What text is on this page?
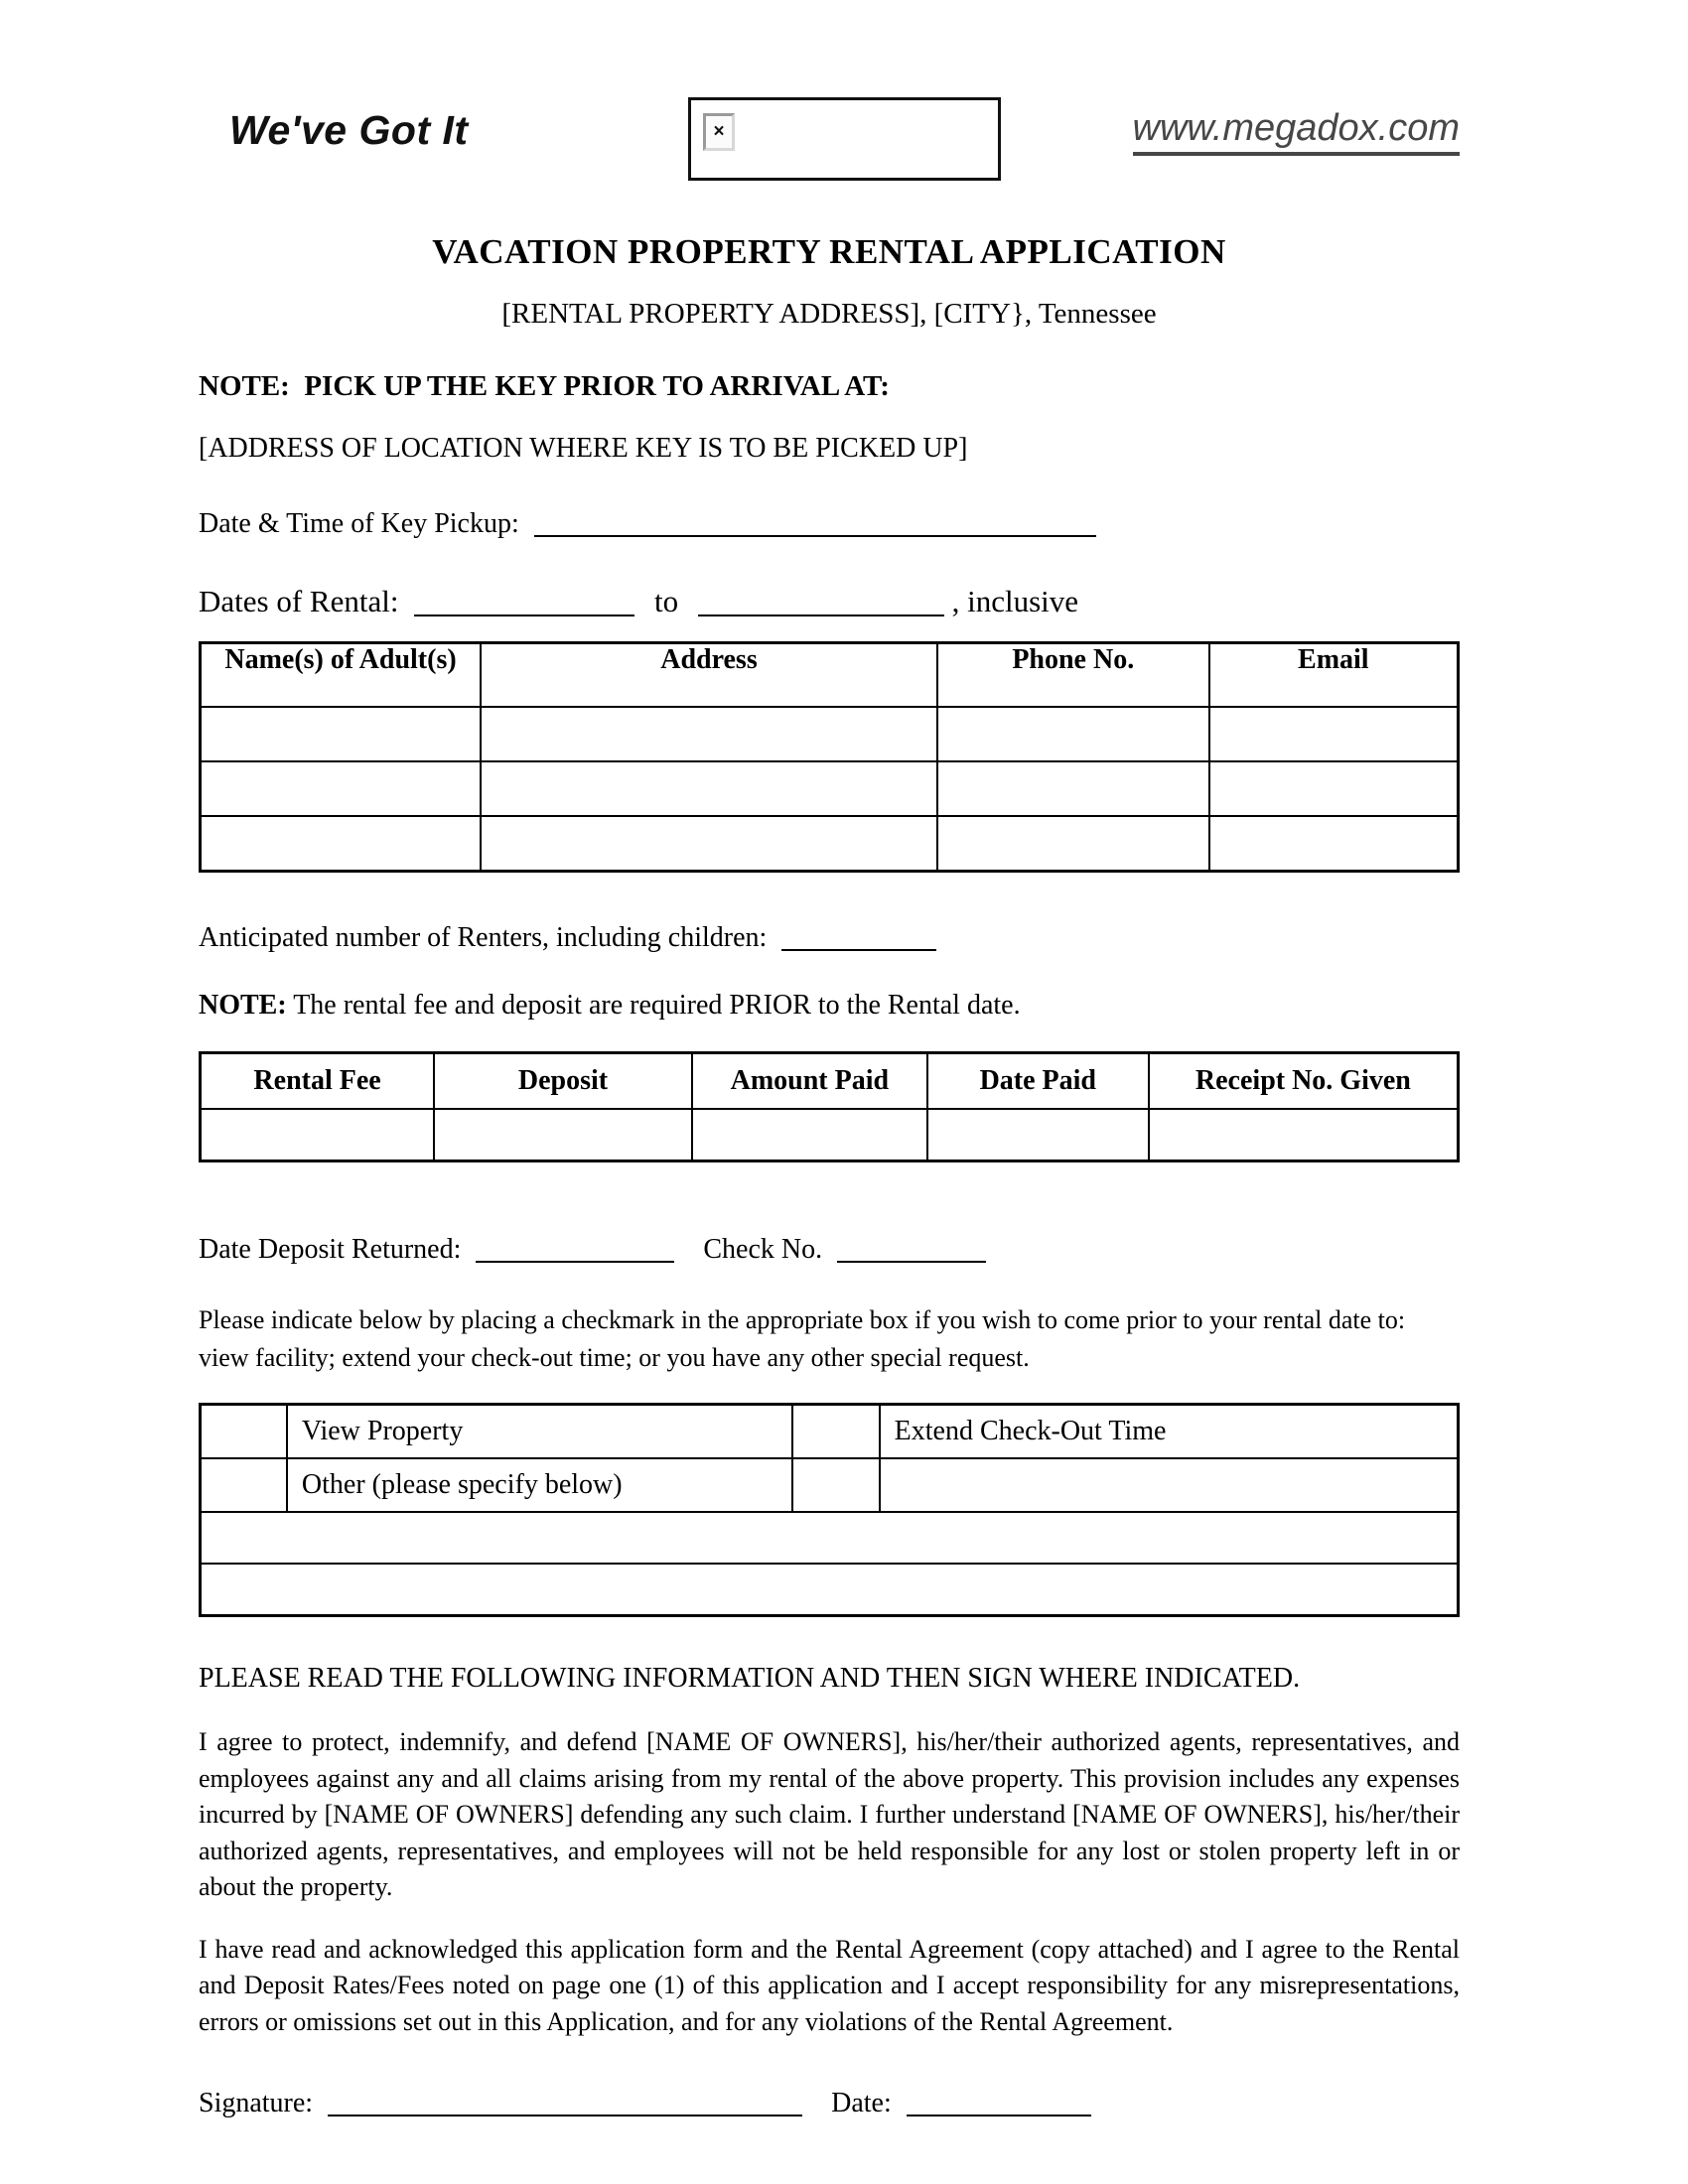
We've Got It	×	www.megadox.com
VACATION PROPERTY RENTAL APPLICATION
[RENTAL PROPERTY ADDRESS], [CITY}, Tennessee
NOTE:  PICK UP THE KEY PRIOR TO ARRIVAL AT:
[ADDRESS OF LOCATION WHERE KEY IS TO BE PICKED UP]
Date & Time of Key Pickup:
Dates of Rental:	to	, inclusive
Name(s) of Adult(s)	Address	Phone No.	Email

Anticipated number of Renters, including children:
NOTE: The rental fee and deposit are required PRIOR to the Rental date.
Rental Fee	Deposit	Amount Paid	Date Paid	Receipt No. Given

Date Deposit Returned:	Check No.
Please indicate below by placing a checkmark in the appropriate box if you wish to come prior to your rental date to: view facility; extend your check-out time; or you have any other special request.
	View Property		Extend Check-Out Time
	Other (please specify below)		

PLEASE READ THE FOLLOWING INFORMATION AND THEN SIGN WHERE INDICATED.
I agree to protect, indemnify, and defend [NAME OF OWNERS], his/her/their authorized agents, representatives, and employees against any and all claims arising from my rental of the above property. This provision includes any expenses incurred by [NAME OF OWNERS] defending any such claim. I further understand [NAME OF OWNERS], his/her/their authorized agents, representatives, and employees will not be held responsible for any lost or stolen property left in or about the property.
I have read and acknowledged this application form and the Rental Agreement (copy attached) and I agree to the Rental and Deposit Rates/Fees noted on page one (1) of this application and I accept responsibility for any misrepresentations, errors or omissions set out in this Application, and for any violations of the Rental Agreement.
Signature:	Date:
